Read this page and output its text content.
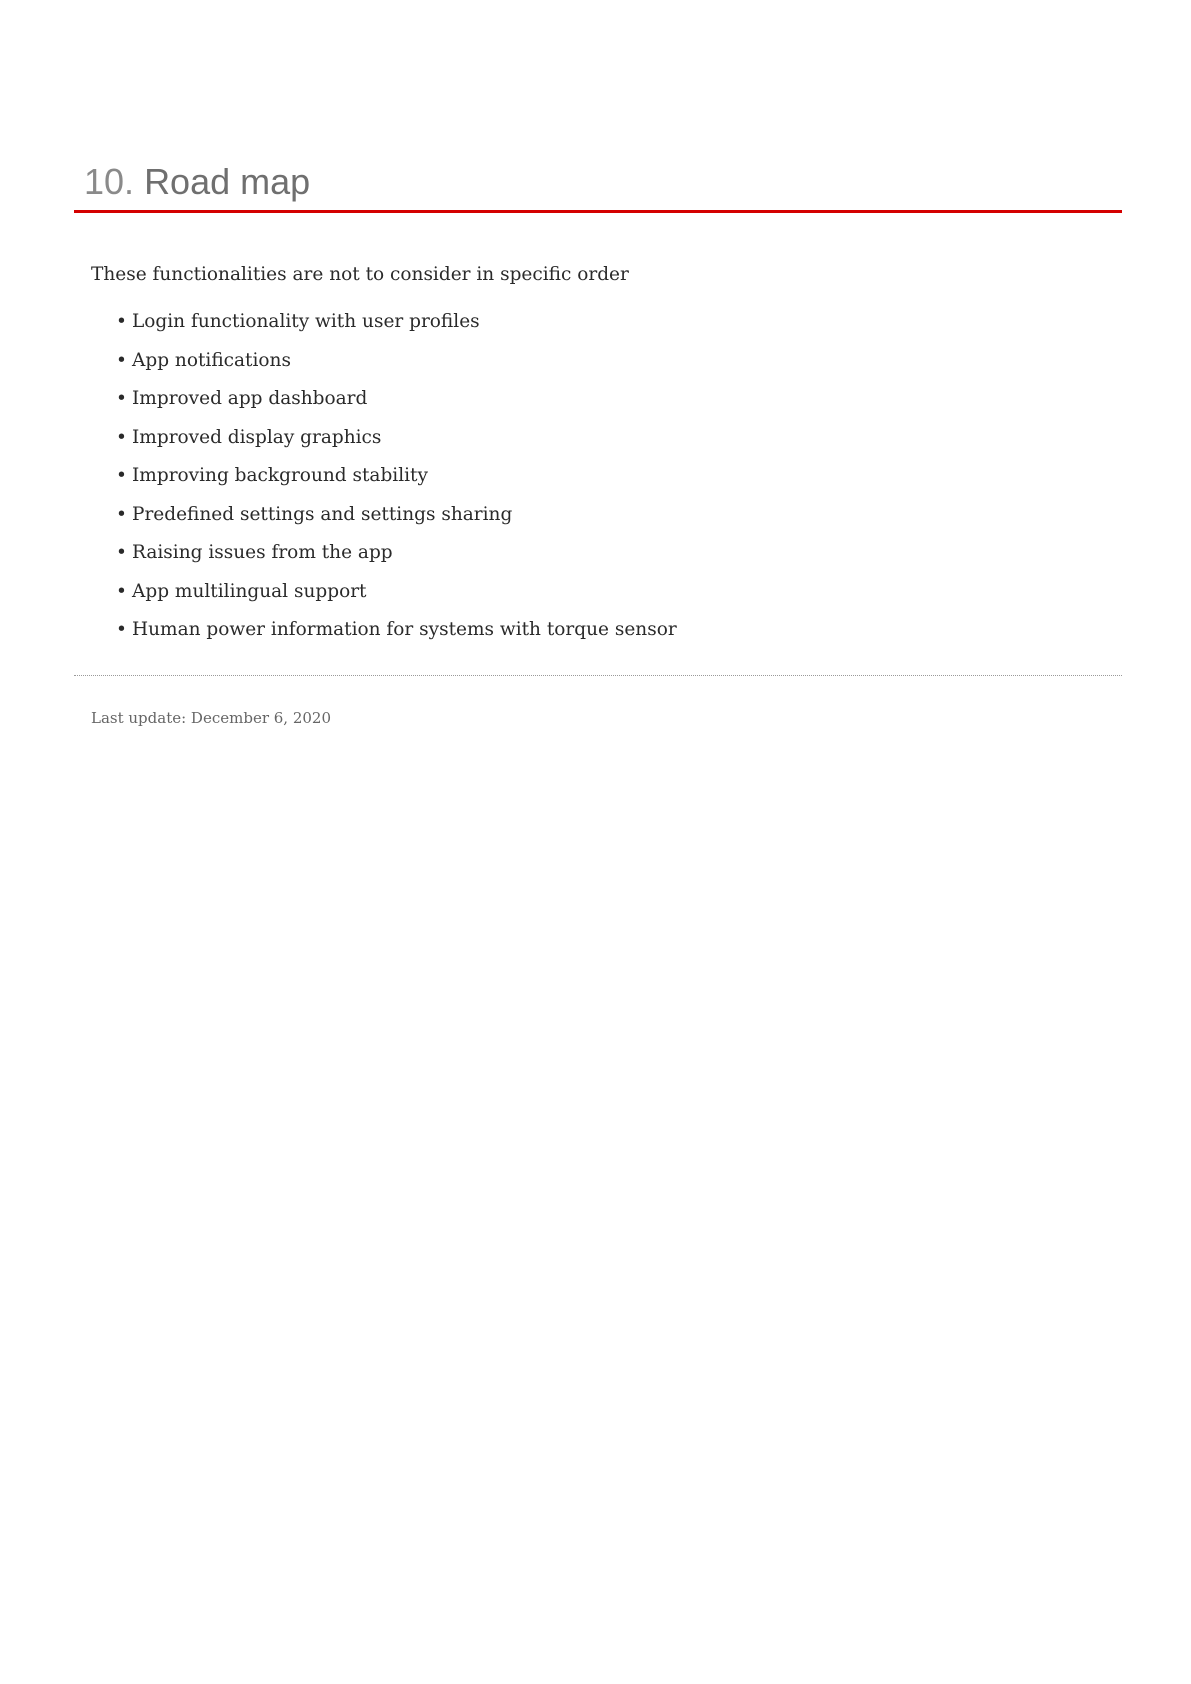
10. Road map

These functionalities are not to consider in specific order

• Login functionality with user profiles
• App notifications
• Improved app dashboard
• Improved display graphics
• Improving background stability
• Predefined settings and settings sharing
• Raising issues from the app
• App multilingual support
• Human power information for systems with torque sensor

Last update: December 6, 2020
